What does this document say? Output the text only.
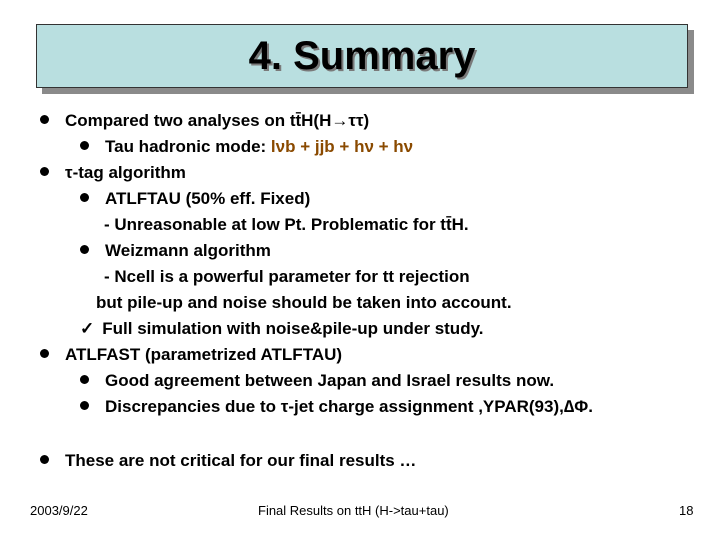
4. Summary
Compared two analyses on tt̄H(H→ττ)
Tau hadronic mode: lνb + jjb + hν + hν
τ-tag algorithm
ATLFTAU (50% eff. Fixed)
- Unreasonable at low Pt. Problematic for tt̄H.
Weizmann algorithm
- Ncell is a powerful parameter for tt rejection
but pile-up and noise should be taken into account.
✓ Full simulation with noise&pile-up under study.
ATLFAST (parametrized ATLFTAU)
Good agreement between Japan and Israel results now.
Discrepancies due to τ-jet charge assignment ,YPAR(93),∆Φ.
These are not critical for our final results …
2003/9/22	Final Results on ttH (H->tau+tau)	18
